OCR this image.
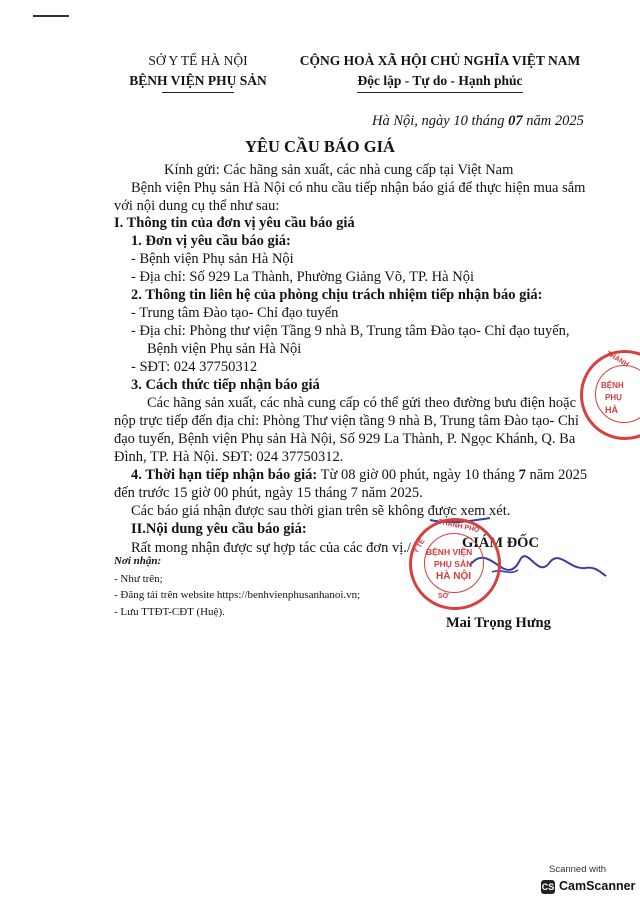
SỞ Y TẾ HÀ NỘI
BỆNH VIỆN PHỤ SẢN
CỘNG HOÀ XÃ HỘI CHỦ NGHĨA VIỆT NAM
Độc lập - Tự do - Hạnh phúc
Hà Nội, ngày 10 tháng 07 năm 2025
YÊU CẦU BÁO GIÁ
Kính gửi: Các hãng sản xuất, các nhà cung cấp tại Việt Nam
Bệnh viện Phụ sản Hà Nội có nhu cầu tiếp nhận báo giá để thực hiện mua sắm
với nội dung cụ thể như sau:
I. Thông tin của đơn vị yêu cầu báo giá
1. Đơn vị yêu cầu báo giá:
- Bệnh viện Phụ sản Hà Nội
- Địa chỉ: Số 929 La Thành, Phường Giảng Võ, TP. Hà Nội
2. Thông tin liên hệ của phòng chịu trách nhiệm tiếp nhận báo giá:
- Trung tâm Đào tạo- Chỉ đạo tuyến
- Địa chỉ: Phòng thư viện Tầng 9 nhà B, Trung tâm Đào tạo- Chỉ đạo tuyến,
Bệnh viện Phụ sản Hà Nội
- SĐT: 024 37750312
3. Cách thức tiếp nhận báo giá
Các hãng sản xuất, các nhà cung cấp có thể gửi theo đường bưu điện hoặc
nộp trực tiếp đến địa chỉ: Phòng Thư viện tầng 9 nhà B, Trung tâm Đào tạo- Chỉ
đạo tuyến, Bệnh viện Phụ sản Hà Nội, Số 929 La Thành, P. Ngọc Khánh, Q. Ba
Đình, TP. Hà Nội. SĐT: 024 37750312.
4. Thời hạn tiếp nhận báo giá: Từ 08 giờ 00 phút, ngày 10 tháng 7 năm 2025
đến trước 15 giờ 00 phút, ngày 15 tháng 7 năm 2025.
Các báo giá nhận được sau thời gian trên sẽ không được xem xét.
II.Nội dung yêu cầu báo giá:
Rất mong nhận được sự hợp tác của các đơn vị./.
Nơi nhận:
- Như trên;
- Đăng tải trên website https://benhvienphusanhanoi.vn;
- Lưu TTĐT-CĐT (Huệ).
GIÁM ĐỐC
Mai Trọng Hưng
THÀNH PHỐ
Y TẾ
SỞ
BỆNH VIỆN
PHỤ SẢN
HÀ NỘI
THÀNH
BỆNH
PHỤ
HÀ
Scanned with
CS CamScanner
